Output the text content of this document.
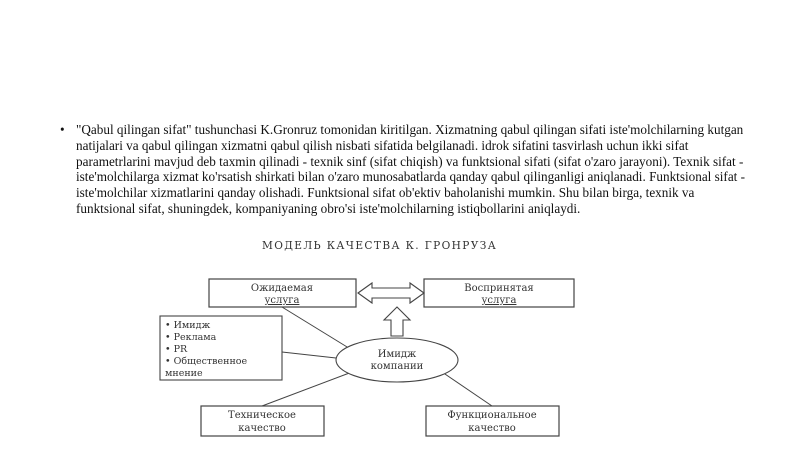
• "Qabul qilingan sifat" tushunchasi K.Gronruz tomonidan kiritilgan. Xizmatning qabul qilingan sifati iste'molchilarning kutgan natijalari va qabul qilingan xizmatni qabul qilish nisbati sifatida belgilanadi. idrok sifatini tasvirlash uchun ikki sifat parametrlarini mavjud deb taxmin qilinadi - texnik sinf (sifat chiqish) va funktsional sifati (sifat o'zaro jarayoni). Texnik sifat - iste'molchilarga xizmat ko'rsatish shirkati bilan o'zaro munosabatlarda qanday qabul qilinganligi aniqlanadi. Funktsional sifat - iste'molchilar xizmatlarini qanday olishadi. Funktsional sifat ob'ektiv baholanishi mumkin. Shu bilan birga, texnik va funktsional sifat, shuningdek, kompaniyaning obro'si iste'molchilarning istiqbollarini aniqlaydi.
МОДЕЛЬ КАЧЕСТВА К. ГРОНРУЗА
Ожидаемая
услуга
Воспринятая
услуга
• Имидж
• Реклама
• PR
• Общественное
мнение
Имидж
компании
Техническое
качество
Функциональное
качество
